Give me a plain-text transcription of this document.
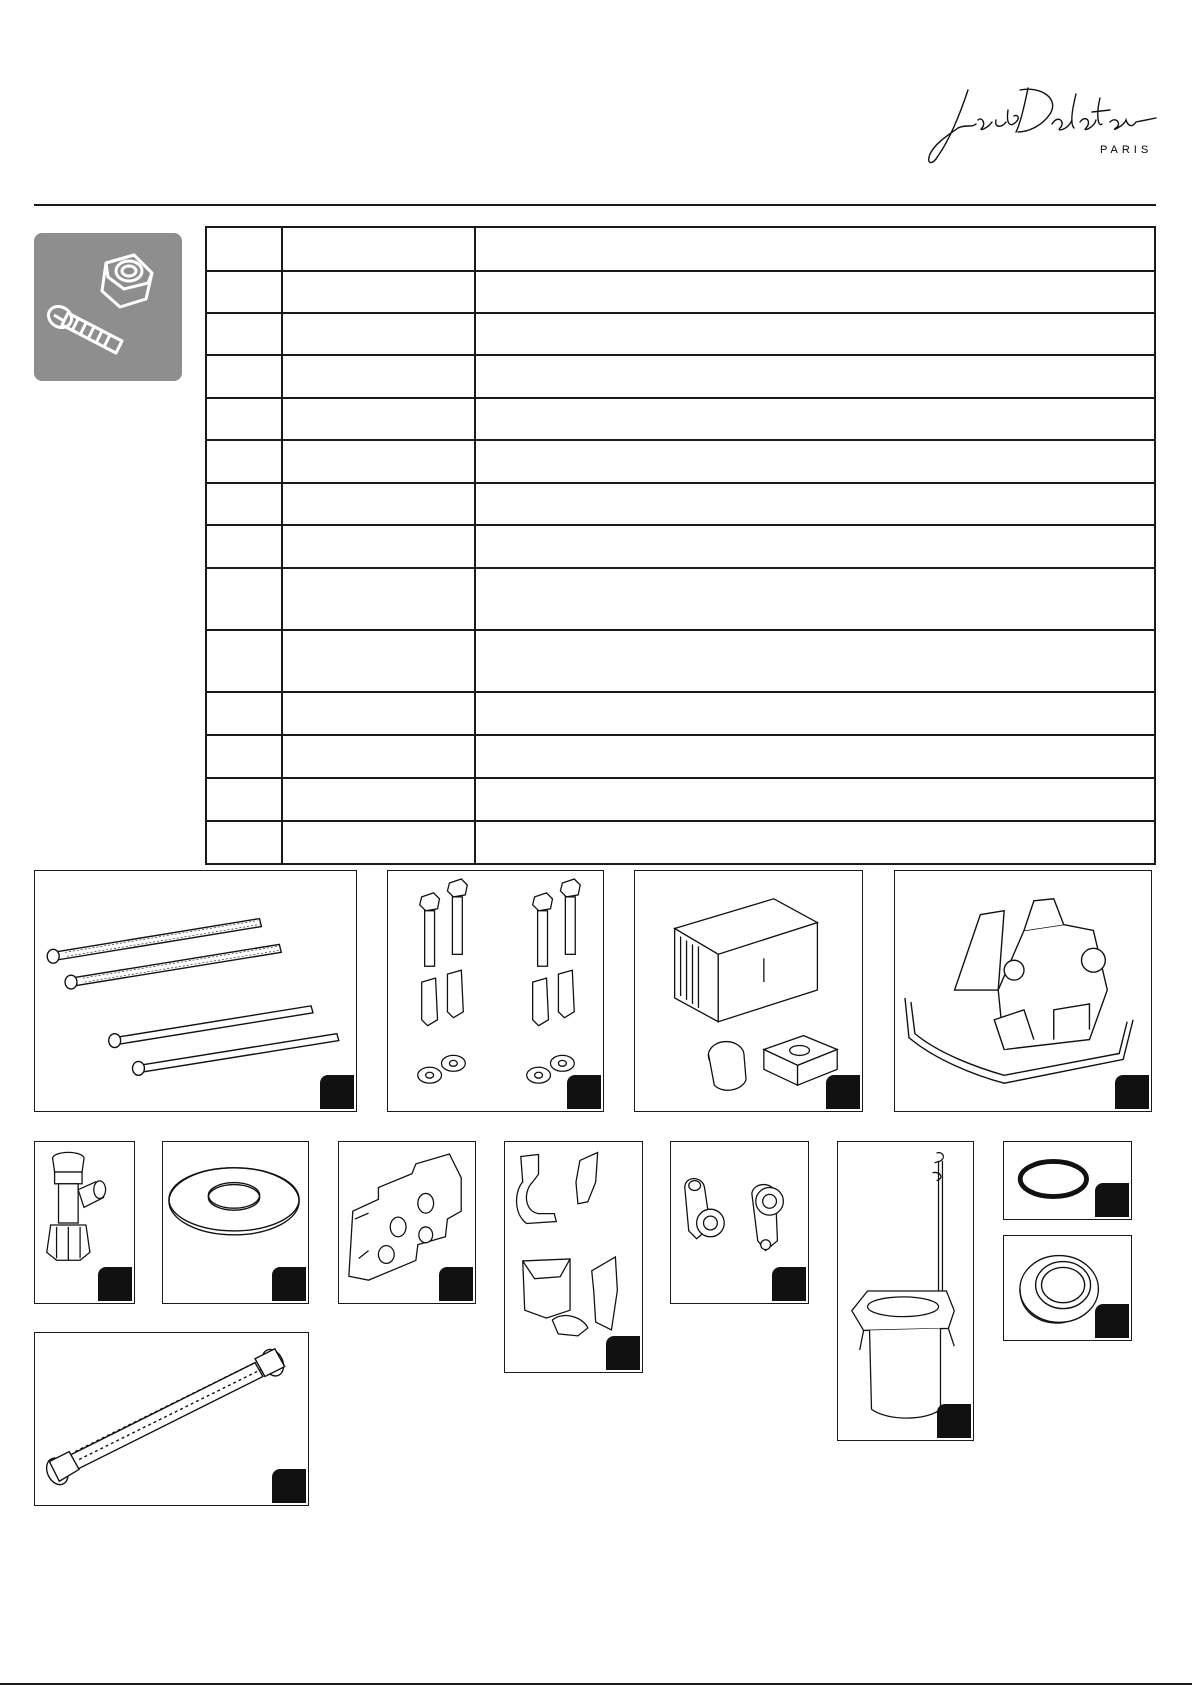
PARIS
